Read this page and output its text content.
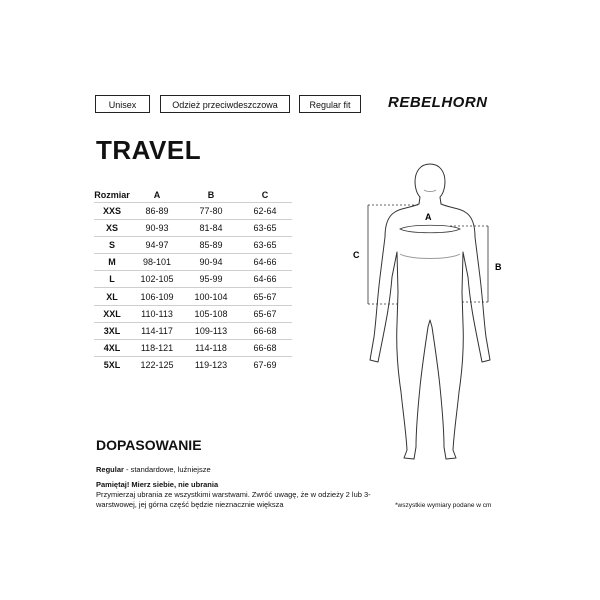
Unisex	Odzież przeciwdeszczowa	Regular fit	REBELHORN
TRAVEL
Rozmiar	A	B	C
XXS	86-89	77-80	62-64
XS	90-93	81-84	63-65
S	94-97	85-89	63-65
M	98-101	90-94	64-66
L	102-105	95-99	64-66
XL	106-109	100-104	65-67
XXL	110-113	105-108	65-67
3XL	114-117	109-113	66-68
4XL	118-121	114-118	66-68
5XL	122-125	119-123	67-69
A
B
C
DOPASOWANIE
Regular - standardowe, luźniejsze
Pamiętaj! Mierz siebie, nie ubrania
Przymierzaj ubrania ze wszystkimi warstwami. Zwróć uwagę, że w odzieży 2 lub 3-warstwowej, jej górna część będzie nieznacznie większa	*wszystkie wymiary podane w cm
